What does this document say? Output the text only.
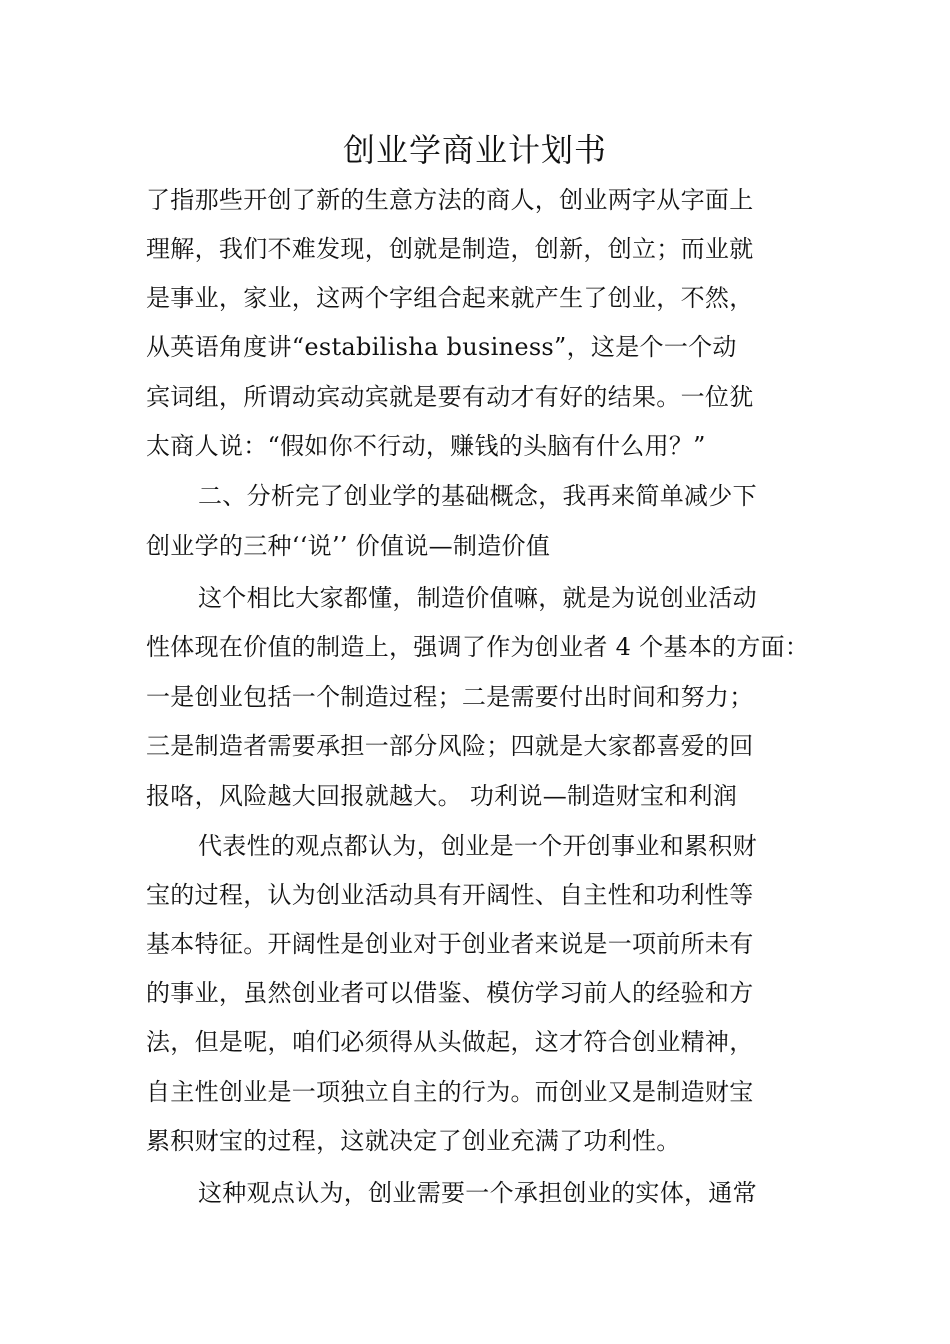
创业学商业计划书
了指那些开创了新的生意方法的商人，创业两字从字面上
理解，我们不难发现，创就是制造，创新，创立；而业就
是事业，家业，这两个字组合起来就产生了创业，不然，
从英语角度讲“estabilisha business”，这是个一个动
宾词组，所谓动宾动宾就是要有动才有好的结果。一位犹
太商人说：“假如你不行动，赚钱的头脑有什么用？”
二、分析完了创业学的基础概念，我再来简单减少下
创业学的三种‘‘说’’ 价值说—制造价值
这个相比大家都懂，制造价值嘛，就是为说创业活动
性体现在价值的制造上，强调了作为创业者 4 个基本的方面：
一是创业包括一个制造过程；二是需要付出时间和努力；
三是制造者需要承担一部分风险；四就是大家都喜爱的回
报咯，风险越大回报就越大。 功利说—制造财宝和利润
代表性的观点都认为，创业是一个开创事业和累积财
宝的过程，认为创业活动具有开阔性、自主性和功利性等
基本特征。开阔性是创业对于创业者来说是一项前所未有
的事业，虽然创业者可以借鉴、模仿学习前人的经验和方
法，但是呢，咱们必须得从头做起，这才符合创业精神，
自主性创业是一项独立自主的行为。而创业又是制造财宝
累积财宝的过程，这就决定了创业充满了功利性。
这种观点认为，创业需要一个承担创业的实体，通常
